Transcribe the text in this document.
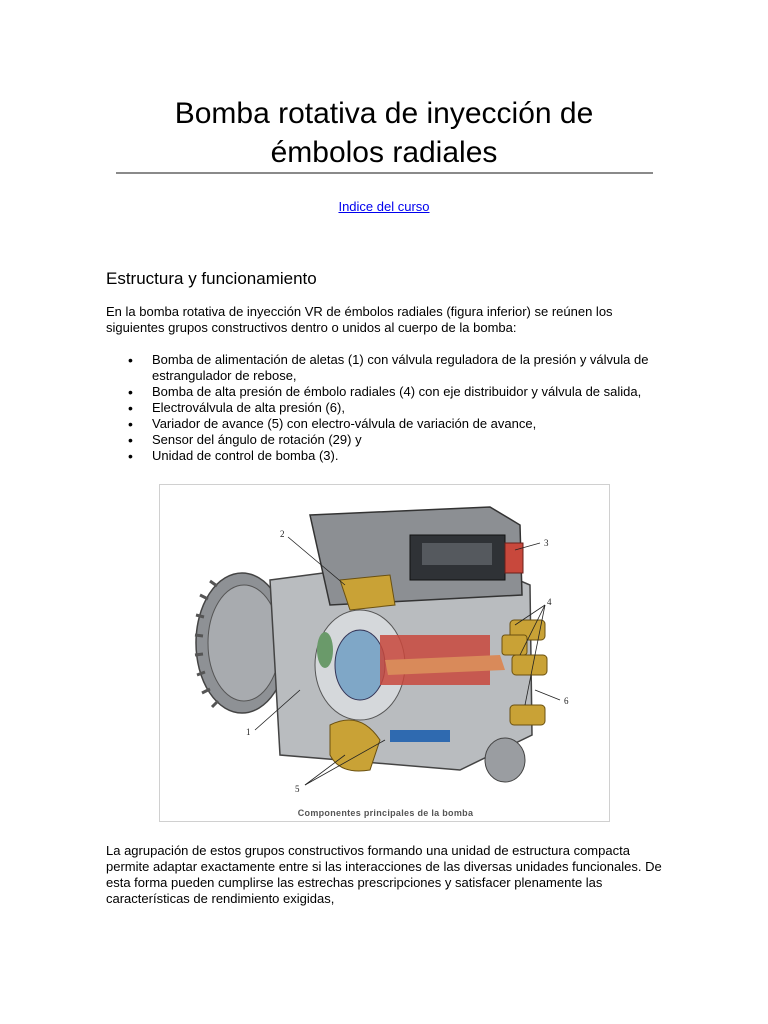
Bomba rotativa de inyección de
émbolos radiales
Indice del curso
Estructura y funcionamiento

En la bomba rotativa de inyección VR de émbolos radiales (figura inferior) se reúnen los siguientes grupos constructivos dentro o unidos al cuerpo de la bomba:

• Bomba de alimentación de aletas (1) con válvula reguladora de la presión y válvula de estrangulador de rebose,
• Bomba de alta presión de émbolo radiales (4) con eje distribuidor y válvula de salida,
• Electroválvula de alta presión (6),
• Variador de avance (5) con electro-válvula de variación de avance,
• Sensor del ángulo de rotación (29) y
• Unidad de control de bomba (3).
2
3
4
6
1
5
Componentes principales de la bomba

La agrupación de estos grupos constructivos formando una unidad de estructura compacta permite adaptar exactamente entre si las interacciones de las diversas unidades funcionales. De esta forma pueden cumplirse las estrechas prescripciones y satisfacer plenamente las características de rendimiento exigidas,
